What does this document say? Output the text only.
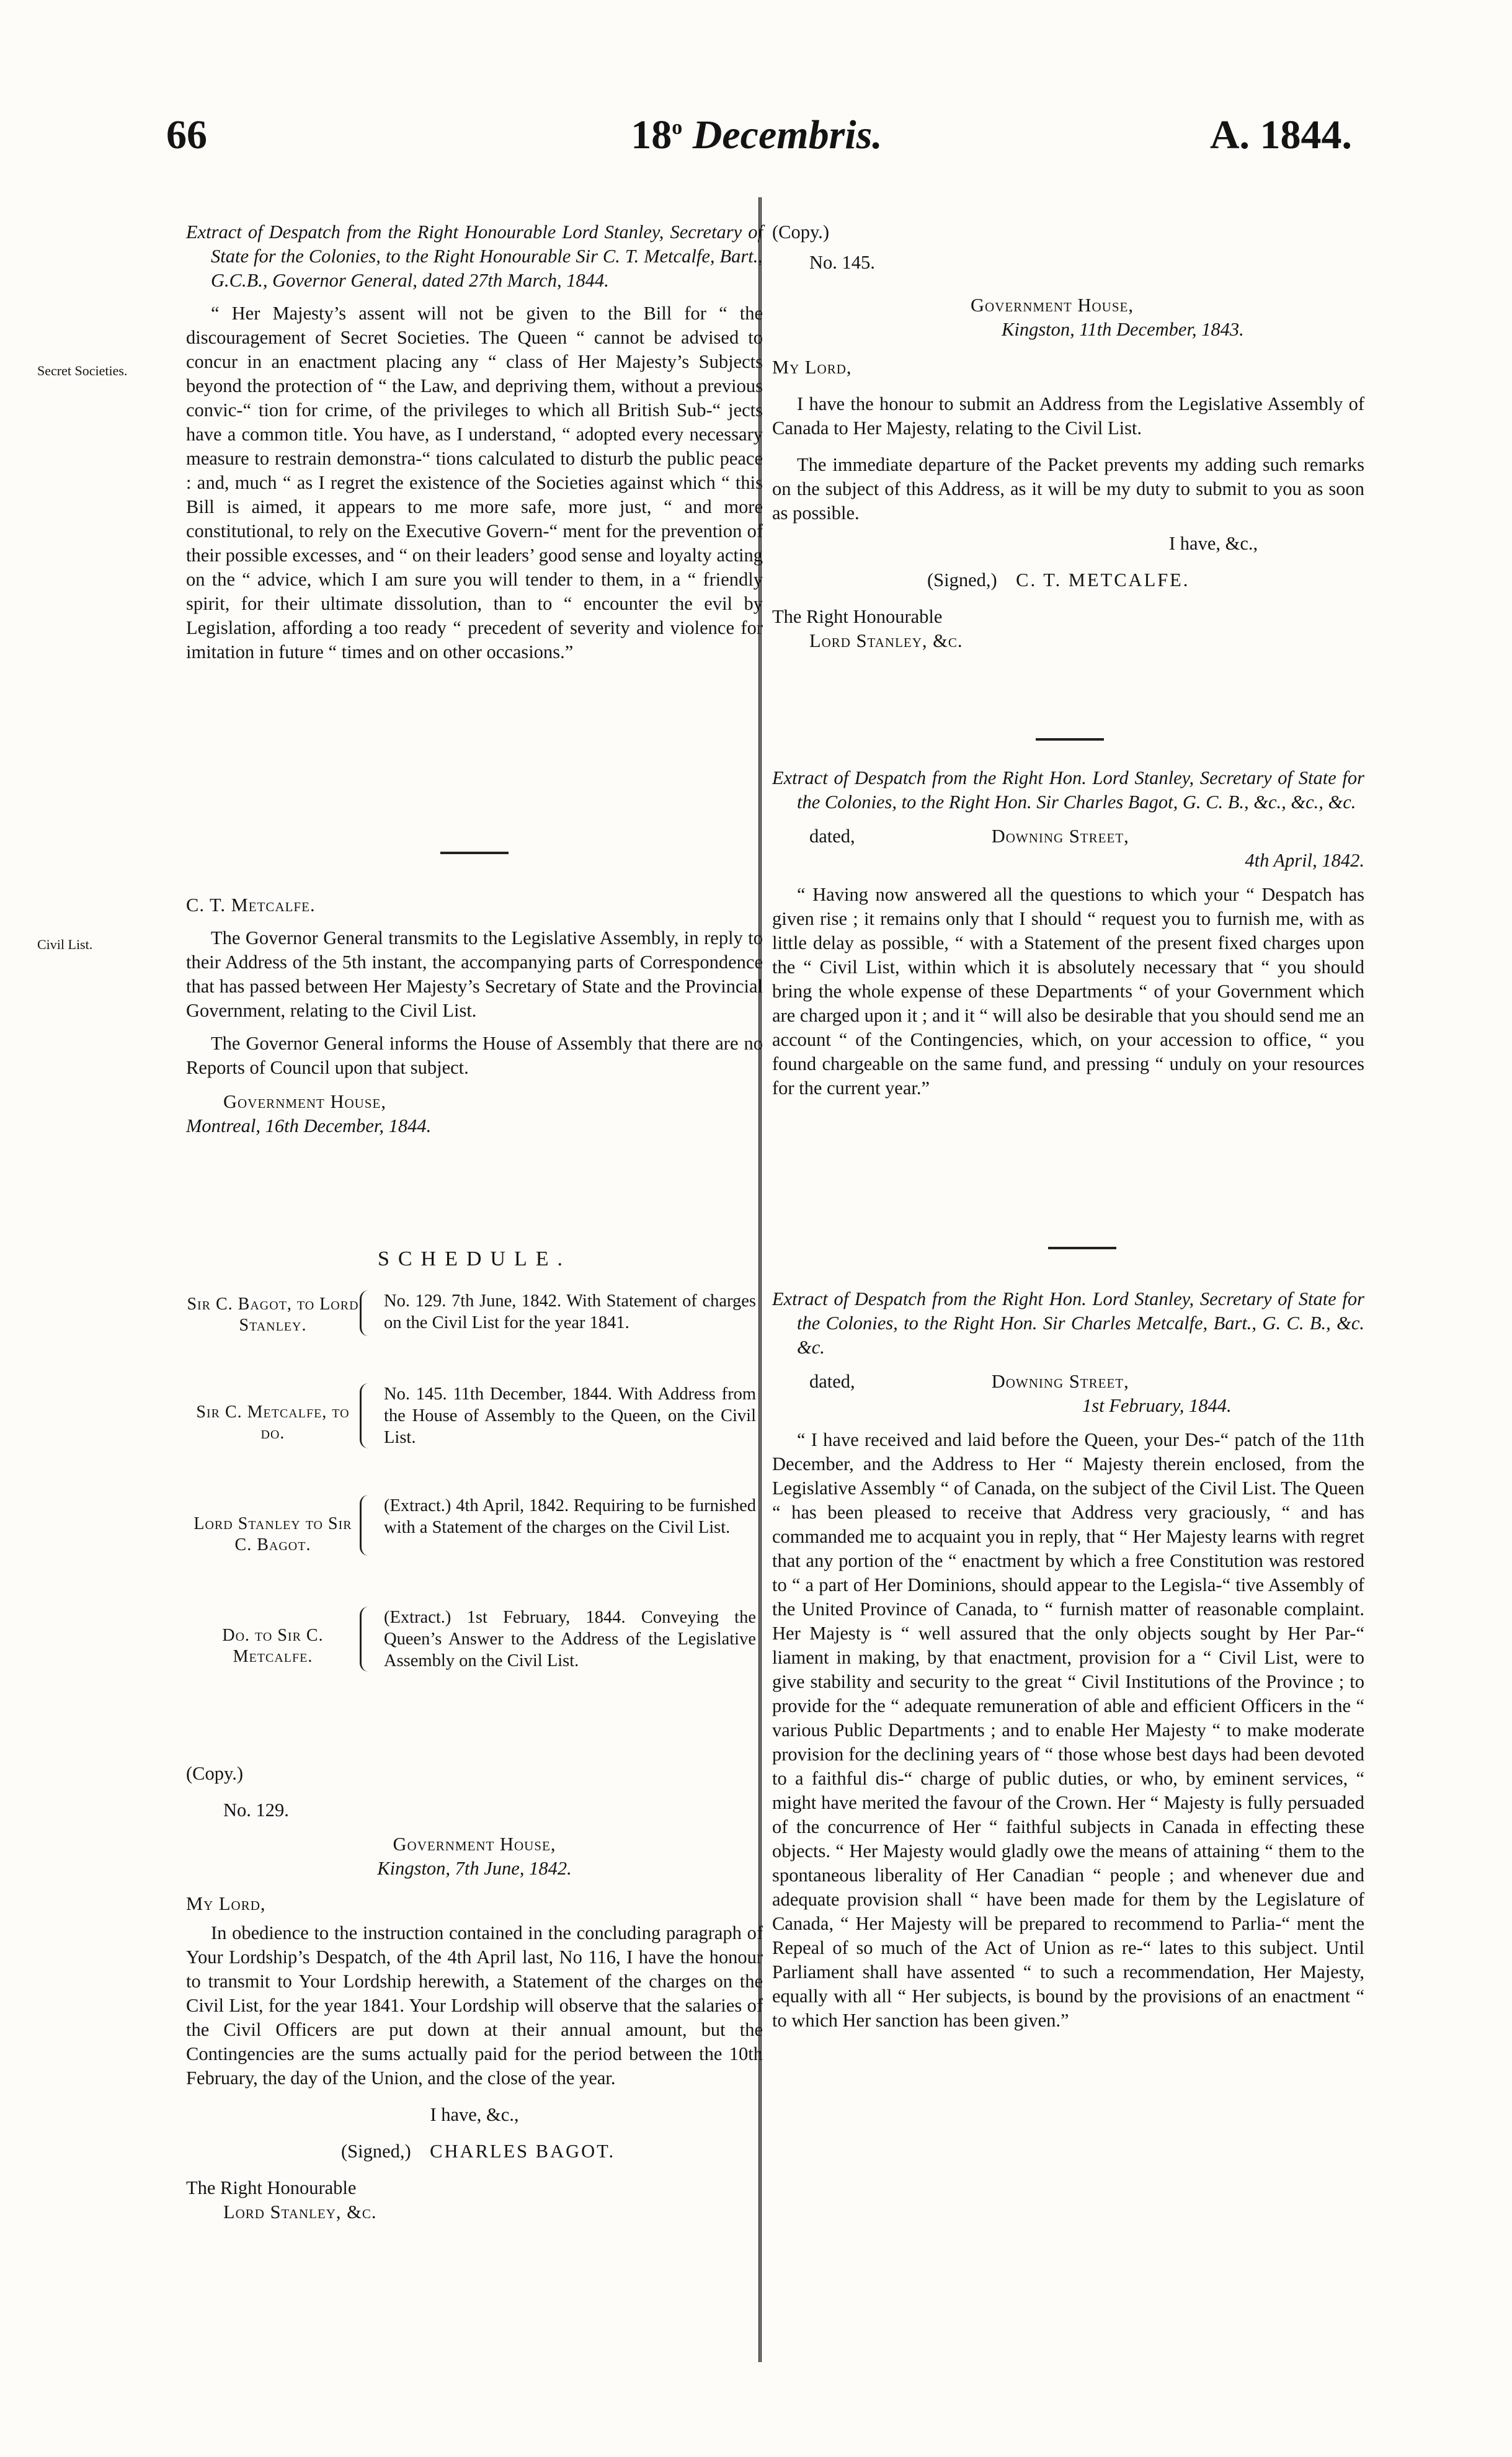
66	18$^o$ Decembris.	A. 1844.
Secret Societies.
Civil List.

Extract of Despatch from the Right Honourable Lord Stanley, Secretary of State for the Colonies, to the Right Honourable Sir C. T. Metcalfe, Bart., G.C.B., Governor General, dated 27th March, 1844.

“ Her Majesty’s assent will not be given to the Bill for “ the discouragement of Secret Societies. The Queen “ cannot be advised to concur in an enactment placing any “ class of Her Majesty’s Subjects beyond the protection of “ the Law, and depriving them, without a previous convic-“ tion for crime, of the privileges to which all British Sub-“ jects have a common title. You have, as I understand, “ adopted every necessary measure to restrain demonstra-“ tions calculated to disturb the public peace : and, much “ as I regret the existence of the Societies against which “ this Bill is aimed, it appears to me more safe, more just, “ and more constitutional, to rely on the Executive Govern-“ ment for the prevention of their possible excesses, and “ on their leaders’ good sense and loyalty acting on the “ advice, which I am sure you will tender to them, in a “ friendly spirit, for their ultimate dissolution, than to “ encounter the evil by Legislation, affording a too ready “ precedent of severity and violence for imitation in future “ times and on other occasions.”

C. T. Metcalfe.

The Governor General transmits to the Legislative Assembly, in reply to their Address of the 5th instant, the accompanying parts of Correspondence that has passed between Her Majesty’s Secretary of State and the Provincial Government, relating to the Civil List.

The Governor General informs the House of Assembly that there are no Reports of Council upon that subject.

Government House,

Montreal, 16th December, 1844.

SCHEDULE.

Sir C. Bagot, to Lord Stanley.
No. 129. 7th June, 1842. With Statement of charges on the Civil List for the year 1841.
Sir C. Metcalfe, to do.
No. 145. 11th December, 1844. With Address from the House of Assembly to the Queen, on the Civil List.
Lord Stanley to Sir C. Bagot.
(Extract.) 4th April, 1842. Requiring to be furnished with a Statement of the charges on the Civil List.
Do. to Sir C. Metcalfe.
(Extract.) 1st February, 1844. Conveying the Queen’s Answer to the Address of the Legislative Assembly on the Civil List.

(Copy.)

No. 129.

Government House,

Kingston, 7th June, 1842.

My Lord,

In obedience to the instruction contained in the concluding paragraph of Your Lordship’s Despatch, of the 4th April last, No 116, I have the honour to transmit to Your Lordship herewith, a Statement of the charges on the Civil List, for the year 1841. Your Lordship will observe that the salaries of the Civil Officers are put down at their annual amount, but the Contingencies are the sums actually paid for the period between the 10th February, the day of the Union, and the close of the year.

I have, &c.,

(Signed,) CHARLES BAGOT.

The Right Honourable

Lord Stanley, &c.

(Copy.)

No. 145.

Government House,

Kingston, 11th December, 1843.

My Lord,

I have the honour to submit an Address from the Legislative Assembly of Canada to Her Majesty, relating to the Civil List.

The immediate departure of the Packet prevents my adding such remarks on the subject of this Address, as it will be my duty to submit to you as soon as possible.

I have, &c.,

(Signed,) C. T. METCALFE.

The Right Honourable

Lord Stanley, &c.

Extract of Despatch from the Right Hon. Lord Stanley, Secretary of State for the Colonies, to the Right Hon. Sir Charles Bagot, G. C. B., &c., &c., &c.

dated,	Downing Street,

4th April, 1842.

“ Having now answered all the questions to which your “ Despatch has given rise ; it remains only that I should “ request you to furnish me, with as little delay as possible, “ with a Statement of the present fixed charges upon the “ Civil List, within which it is absolutely necessary that “ you should bring the whole expense of these Departments “ of your Government which are charged upon it ; and it “ will also be desirable that you should send me an account “ of the Contingencies, which, on your accession to office, “ you found chargeable on the same fund, and pressing “ unduly on your resources for the current year.”

Extract of Despatch from the Right Hon. Lord Stanley, Secretary of State for the Colonies, to the Right Hon. Sir Charles Metcalfe, Bart., G. C. B., &c. &c.

dated,	Downing Street,

1st February, 1844.

“ I have received and laid before the Queen, your Des-“ patch of the 11th December, and the Address to Her “ Majesty therein enclosed, from the Legislative Assembly “ of Canada, on the subject of the Civil List. The Queen “ has been pleased to receive that Address very graciously, “ and has commanded me to acquaint you in reply, that “ Her Majesty learns with regret that any portion of the “ enactment by which a free Constitution was restored to “ a part of Her Dominions, should appear to the Legisla-“ tive Assembly of the United Province of Canada, to “ furnish matter of reasonable complaint. Her Majesty is “ well assured that the only objects sought by Her Par-“ liament in making, by that enactment, provision for a “ Civil List, were to give stability and security to the great “ Civil Institutions of the Province ; to provide for the “ adequate remuneration of able and efficient Officers in the “ various Public Departments ; and to enable Her Majesty “ to make moderate provision for the declining years of “ those whose best days had been devoted to a faithful dis-“ charge of public duties, or who, by eminent services, “ might have merited the favour of the Crown. Her “ Majesty is fully persuaded of the concurrence of Her “ faithful subjects in Canada in effecting these objects. “ Her Majesty would gladly owe the means of attaining “ them to the spontaneous liberality of Her Canadian “ people ; and whenever due and adequate provision shall “ have been made for them by the Legislature of Canada, “ Her Majesty will be prepared to recommend to Parlia-“ ment the Repeal of so much of the Act of Union as re-“ lates to this subject. Until Parliament shall have assented “ to such a recommendation, Her Majesty, equally with all “ Her subjects, is bound by the provisions of an enactment “ to which Her sanction has been given.”
